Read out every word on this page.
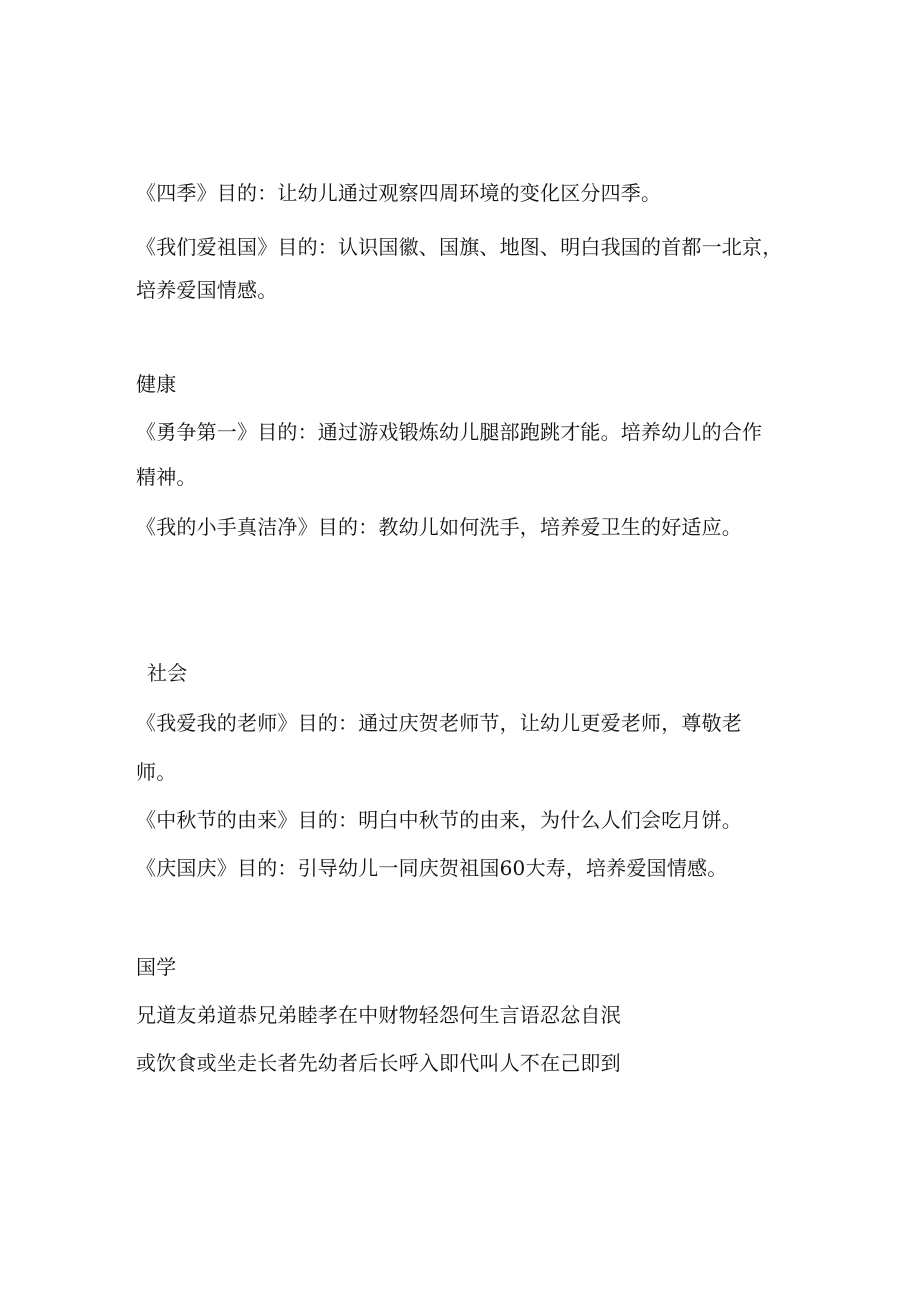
《四季》目的：让幼儿通过观察四周环境的变化区分四季。
《我们爱祖国》目的：认识国徽、国旗、地图、明白我国的首都一北京，
培养爱国情感。
健康
《勇争第一》目的：通过游戏锻炼幼儿腿部跑跳才能。培养幼儿的合作
精神。
《我的小手真洁净》目的：教幼儿如何洗手，培养爱卫生的好适应。
社会
《我爱我的老师》目的：通过庆贺老师节，让幼儿更爱老师，尊敬老
师。
《中秋节的由来》目的：明白中秋节的由来，为什么人们会吃月饼。
《庆国庆》目的：引导幼儿一同庆贺祖国60大寿，培养爱国情感。
国学
兄道友弟道恭兄弟睦孝在中财物轻怨何生言语忍忿自泯
或饮食或坐走长者先幼者后长呼入即代叫人不在己即到
